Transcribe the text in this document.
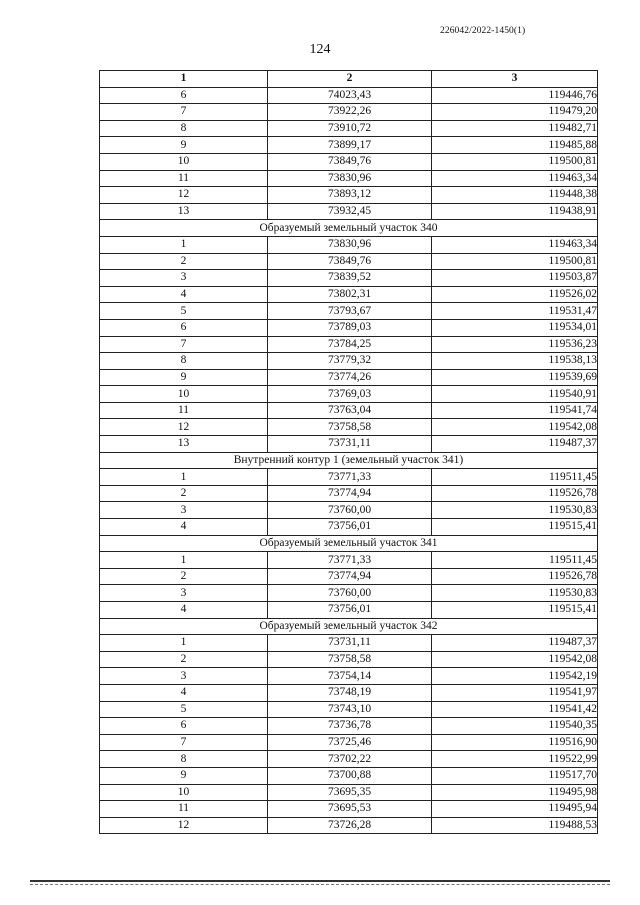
226042/2022-1450(1)
124
1	2	3
6	74023,43	119446,76
7	73922,26	119479,20
8	73910,72	119482,71
9	73899,17	119485,88
10	73849,76	119500,81
11	73830,96	119463,34
12	73893,12	119448,38
13	73932,45	119438,91
Образуемый земельный участок 340		
1	73830,96	119463,34
2	73849,76	119500,81
3	73839,52	119503,87
4	73802,31	119526,02
5	73793,67	119531,47
6	73789,03	119534,01
7	73784,25	119536,23
8	73779,32	119538,13
9	73774,26	119539,69
10	73769,03	119540,91
11	73763,04	119541,74
12	73758,58	119542,08
13	73731,11	119487,37
Внутренний контур 1 (земельный участок 341)		
1	73771,33	119511,45
2	73774,94	119526,78
3	73760,00	119530,83
4	73756,01	119515,41
Образуемый земельный участок 341		
1	73771,33	119511,45
2	73774,94	119526,78
3	73760,00	119530,83
4	73756,01	119515,41
Образуемый земельный участок 342		
1	73731,11	119487,37
2	73758,58	119542,08
3	73754,14	119542,19
4	73748,19	119541,97
5	73743,10	119541,42
6	73736,78	119540,35
7	73725,46	119516,90
8	73702,22	119522,99
9	73700,88	119517,70
10	73695,35	119495,98
11	73695,53	119495,94
12	73726,28	119488,53
